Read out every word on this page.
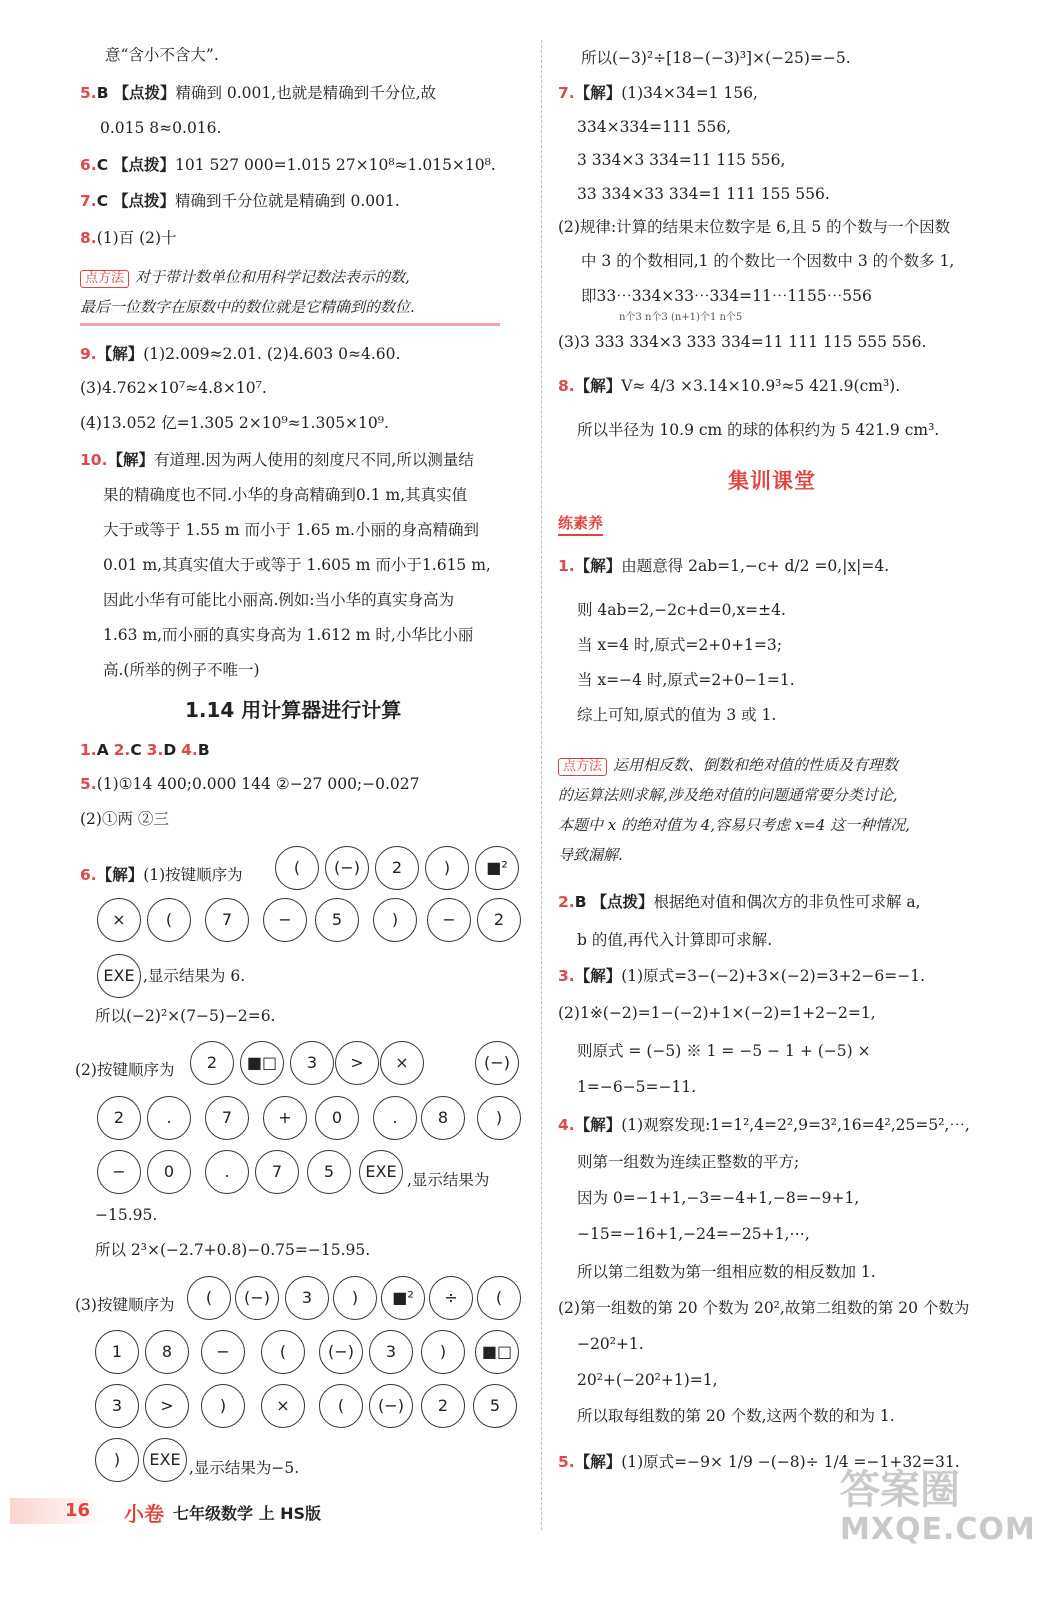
意“含小不含大”.
5.B 【点拨】精确到 0.001,也就是精确到千分位,故
0.015 8≈0.016.
6.C 【点拨】101 527 000=1.015 27×10⁸≈1.015×10⁸.
7.C 【点拨】精确到千分位就是精确到 0.001.
8.(1)百 (2)十
点方法 对于带计数单位和用科学记数法表示的数,
最后一位数字在原数中的数位就是它精确到的数位.
9.【解】(1)2.009≈2.01. (2)4.603 0≈4.60.
(3)4.762×10⁷≈4.8×10⁷.
(4)13.052 亿=1.305 2×10⁹≈1.305×10⁹.
10.【解】有道理.因为两人使用的刻度尺不同,所以测量结
果的精确度也不同.小华的身高精确到0.1 m,其真实值
大于或等于 1.55 m 而小于 1.65 m.小丽的身高精确到
0.01 m,其真实值大于或等于 1.605 m 而小于1.615 m,
因此小华有可能比小丽高.例如:当小华的真实身高为
1.63 m,而小丽的真实身高为 1.612 m 时,小华比小丽
高.(所举的例子不唯一)
1.14 用计算器进行计算
1.A 2.C 3.D 4.B
5.(1)①14 400;0.000 144 ②−27 000;−0.027
(2)①两 ②三
6.【解】(1)按键顺序为	(	(−)	2	)	■²
×	(	7	−	5	)	−	2
EXE ,显示结果为 6.
所以(−2)²×(7−5)−2=6.
(2)按键顺序为	2	■□	3	>	×	(−)
2	.	7	+	0	.	8	)
−	0	.	7	5	EXE ,显示结果为
−15.95.
所以 2³×(−2.7+0.8)−0.75=−15.95.
(3)按键顺序为	(	(−)	3	)	■²	÷	(
1	8	−	(	(−)	3	)	■□
3	>	)	×	(	(−)	2	5
)	EXE ,显示结果为−5.
所以(−3)²÷[18−(−3)³]×(−25)=−5.
7.【解】(1)34×34=1 156,
334×334=111 556,
3 334×3 334=11 115 556,
33 334×33 334=1 111 155 556.
(2)规律:计算的结果末位数字是 6,且 5 的个数与一个因数
中 3 的个数相同,1 的个数比一个因数中 3 的个数多 1,
即33⋯334×33⋯334=11⋯1155⋯556
n个3 n个3 (n+1)个1 n个5
(3)3 333 334×3 333 334=11 111 115 555 556.
8.【解】V≈ 4/3 ×3.14×10.9³≈5 421.9(cm³).
所以半径为 10.9 cm 的球的体积约为 5 421.9 cm³.
集训课堂
练素养
1.【解】由题意得 2ab=1,−c+ d/2 =0,|x|=4.
则 4ab=2,−2c+d=0,x=±4.
当 x=4 时,原式=2+0+1=3;
当 x=−4 时,原式=2+0−1=1.
综上可知,原式的值为 3 或 1.
点方法 运用相反数、倒数和绝对值的性质及有理数
的运算法则求解,涉及绝对值的问题通常要分类讨论,
本题中 x 的绝对值为 4,容易只考虑 x=4 这一种情况,
导致漏解.
2.B 【点拨】根据绝对值和偶次方的非负性可求解 a,
b 的值,再代入计算即可求解.
3.【解】(1)原式=3−(−2)+3×(−2)=3+2−6=−1.
(2)1※(−2)=1−(−2)+1×(−2)=1+2−2=1,
则原式 = (−5) ※ 1 = −5 − 1 + (−5) ×
1=−6−5=−11.
4.【解】(1)观察发现:1=1²,4=2²,9=3²,16=4²,25=5²,⋯,
则第一组数为连续正整数的平方;
因为 0=−1+1,−3=−4+1,−8=−9+1,
−15=−16+1,−24=−25+1,⋯,
所以第二组数为第一组相应数的相反数加 1.
(2)第一组数的第 20 个数为 20²,故第二组数的第 20 个数为
−20²+1.
20²+(−20²+1)=1,
所以取每组数的第 20 个数,这两个数的和为 1.
5.【解】(1)原式=−9× 1/9 −(−8)÷ 1/4 =−1+32=31.
16	小卷 七年级数学 上 HS版
答案圈
MXQE.COM
